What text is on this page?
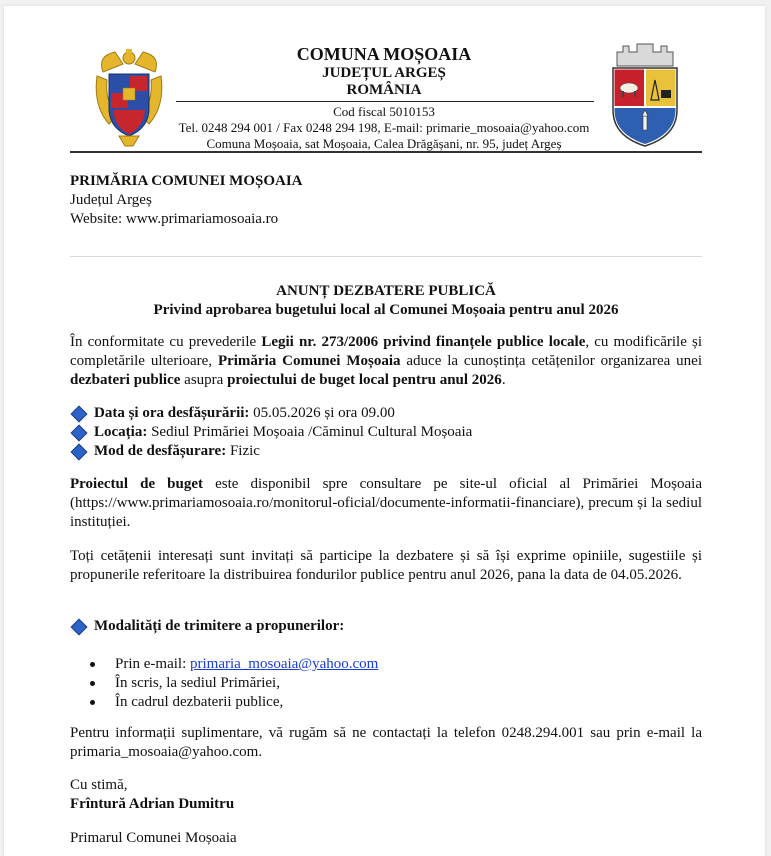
COMUNA MOȘOAIA
JUDEȚUL ARGEȘ
ROMÂNIA
Cod fiscal 5010153
Tel. 0248 294 001 / Fax 0248 294 198, E-mail: primarie_mosoaia@yahoo.com
Comuna Moșoaia, sat Moșoaia, Calea Drăgășani, nr. 95, județ Argeș
PRIMĂRIA COMUNEI MOȘOAIA
Județul Argeș
Website: www.primariamosoaia.ro
ANUNȚ DEZBATERE PUBLICĂ
Privind aprobarea bugetului local al Comunei Moșoaia pentru anul 2026
În conformitate cu prevederile Legii nr. 273/2006 privind finanțele publice locale, cu modificările și completările ulterioare, Primăria Comunei Moșoaia aduce la cunoștința cetățenilor organizarea unei dezbateri publice asupra proiectului de buget local pentru anul 2026.
Data și ora desfășurării: 05.05.2026 și ora 09.00
Locația: Sediul Primăriei Moșoaia /Căminul Cultural Moșoaia
Mod de desfășurare: Fizic
Proiectul de buget este disponibil spre consultare pe site-ul oficial al Primăriei Moșoaia (https://www.primariamosoaia.ro/monitorul-oficial/documente-informatii-financiare), precum și la sediul instituției.
Toți cetățenii interesați sunt invitați să participe la dezbatere și să își exprime opiniile, sugestiile și propunerile referitoare la distribuirea fondurilor publice pentru anul 2026, pana la data de 04.05.2026.
Modalități de trimitere a propunerilor:
Prin e-mail: primaria_mosoaia@yahoo.com
În scris, la sediul Primăriei,
În cadrul dezbaterii publice,
Pentru informații suplimentare, vă rugăm să ne contactați la telefon 0248.294.001 sau prin e-mail la primaria_mosoaia@yahoo.com.
Cu stimă,
Frîntură Adrian Dumitru
Primarul Comunei Moșoaia
